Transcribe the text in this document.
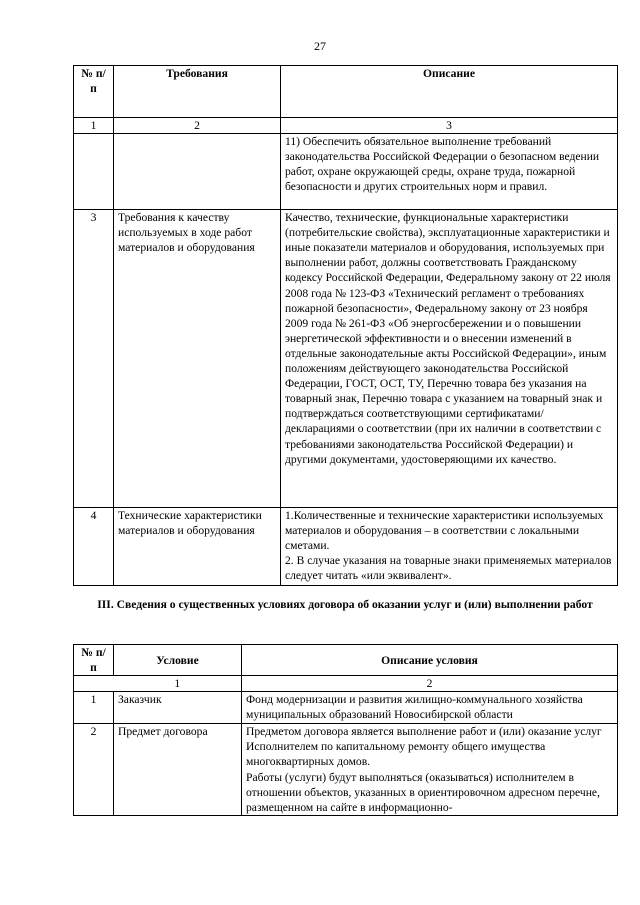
27
№ п/п	Требования	Описание
1	2	3
		11) Обеспечить обязательное выполнение требований законодательства Российской Федерации о безопасном ведении работ, охране окружающей среды, охране труда, пожарной безопасности и других строительных норм и правил.
3	Требования к качеству используемых в ходе работ материалов и оборудования	Качество, технические, функциональные характеристики (потребительские свойства), эксплуатационные характеристики и иные показатели материалов и оборудования, используемых при выполнении работ, должны соответствовать Гражданскому кодексу Российской Федерации, Федеральному закону от 22 июля 2008 года № 123-ФЗ «Технический регламент о требованиях пожарной безопасности», Федеральному закону от 23 ноября 2009 года № 261-ФЗ «Об энергосбережении и о повышении энергетической эффективности и о внесении изменений в отдельные законодательные акты Российской Федерации», иным положениям действующего законодательства Российской Федерации, ГОСТ, ОСТ, ТУ, Перечню товара без указания на товарный знак, Перечню товара с указанием на товарный знак и подтверждаться соответствующими сертификатами/декларациями о соответствии (при их наличии в соответствии с требованиями законодательства Российской Федерации) и другими документами, удостоверяющими их качество.
4	Технические характеристики материалов и оборудования	1.Количественные и технические характеристики используемых материалов и оборудования – в соответствии с локальными сметами.

2. В случае указания на товарные знаки применяемых материалов следует читать «или эквивалент».

III. Сведения о существенных условиях договора об оказании услуг и (или) выполнении работ
№ п/п	Условие	Описание условия
	1	2
1	Заказчик	Фонд модернизации и развития жилищно-коммунального хозяйства муниципальных образований Новосибирской области
2	Предмет договора	Предметом договора является выполнение работ и (или) оказание услуг Исполнителем по капитальному ремонту общего имущества многоквартирных домов.

Работы (услуги) будут выполняться (оказываться) исполнителем в отношении объектов, указанных в ориентировочном адресном перечне, размещенном на сайте в информационно-
